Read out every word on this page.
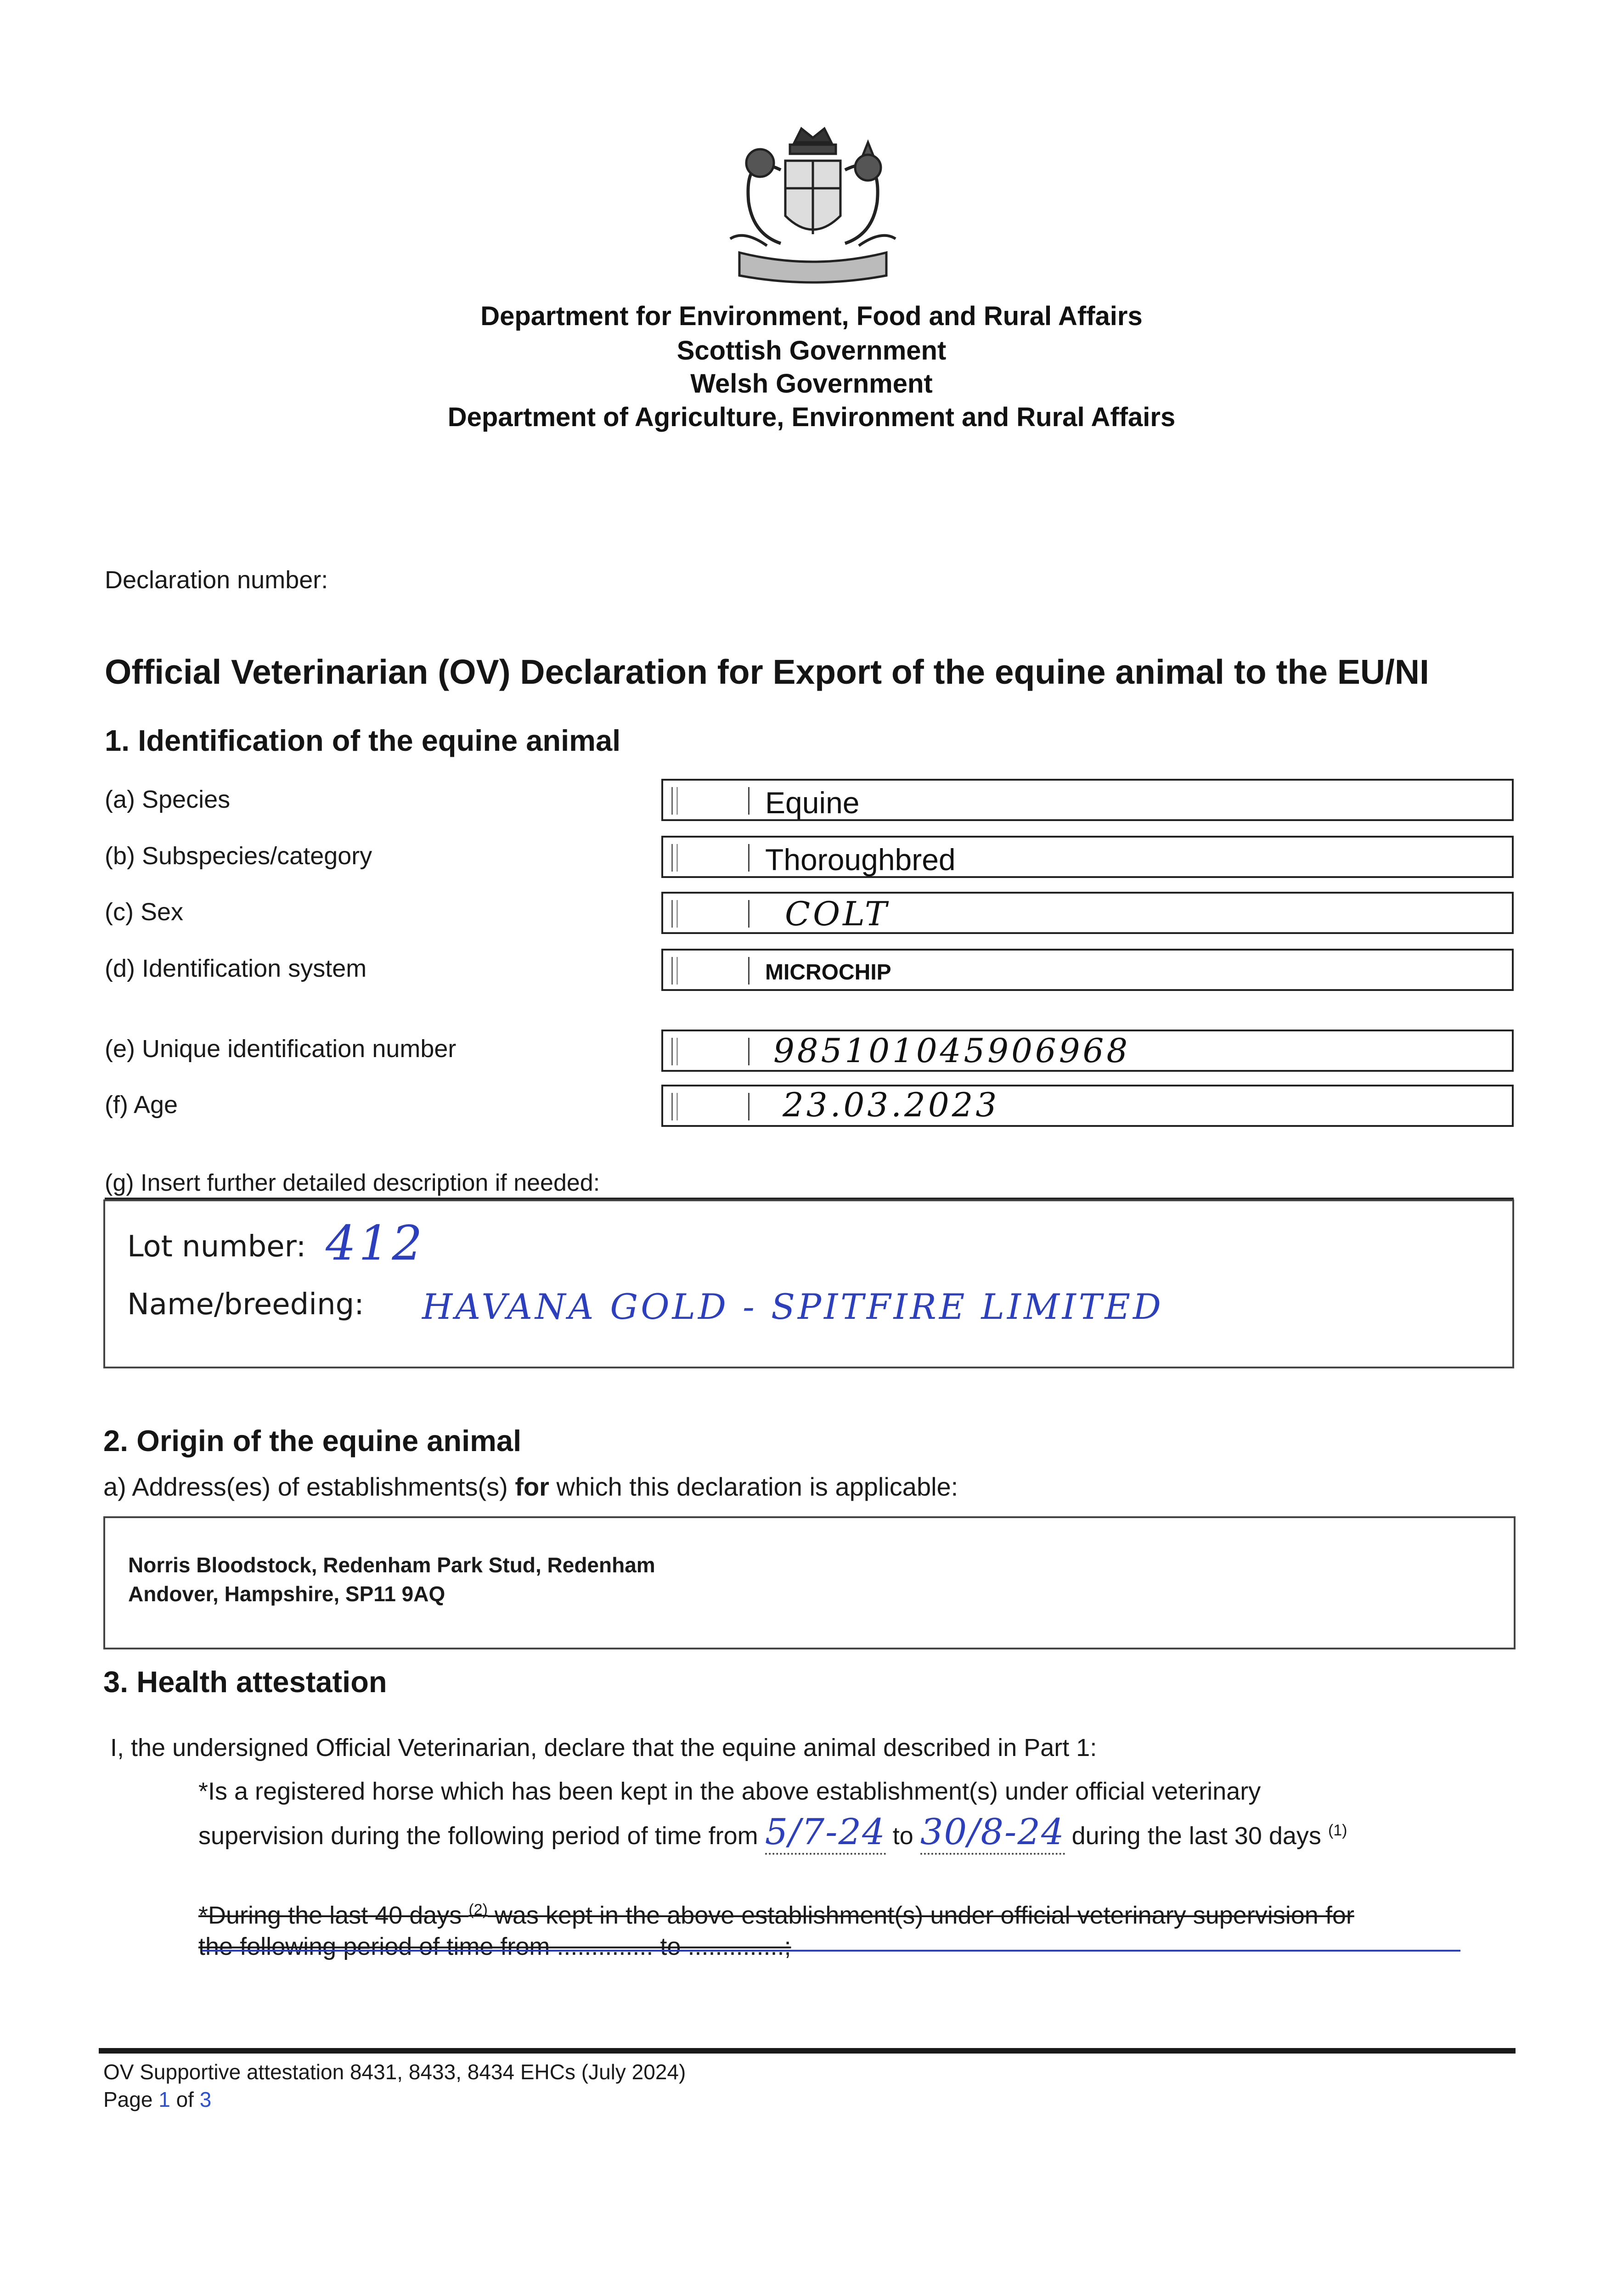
Department for Environment, Food and Rural Affairs
Scottish Government
Welsh Government
Department of Agriculture, Environment and Rural Affairs
Declaration number:
Official Veterinarian (OV) Declaration for Export of the equine animal to the EU/NI
1. Identification of the equine animal
(a) Species	Equine
(b) Subspecies/category	Thoroughbred
(c) Sex	COLT
(d) Identification system	MICROCHIP
(e) Unique identification number	985101045906968
(f) Age	23.03.2023
(g) Insert further detailed description if needed:
Lot number: 412
Name/breeding: HAVANA GOLD - SPITFIRE LIMITED
2. Origin of the equine animal
a) Address(es) of establishments(s) for which this declaration is applicable:
Norris Bloodstock, Redenham Park Stud, Redenham
Andover, Hampshire, SP11 9AQ
3. Health attestation
I, the undersigned Official Veterinarian, declare that the equine animal described in Part 1:
*Is a registered horse which has been kept in the above establishment(s) under official veterinary
supervision during the following period of time from 5/7-24 to 30/8-24 during the last 30 days $^{(1)}$
*During the last 40 days $^{(2)}$ was kept in the above establishment(s) under official veterinary supervision for
the following period of time from .............. to ..............;
OV Supportive attestation 8431, 8433, 8434 EHCs (July 2024)
Page 1 of 3
